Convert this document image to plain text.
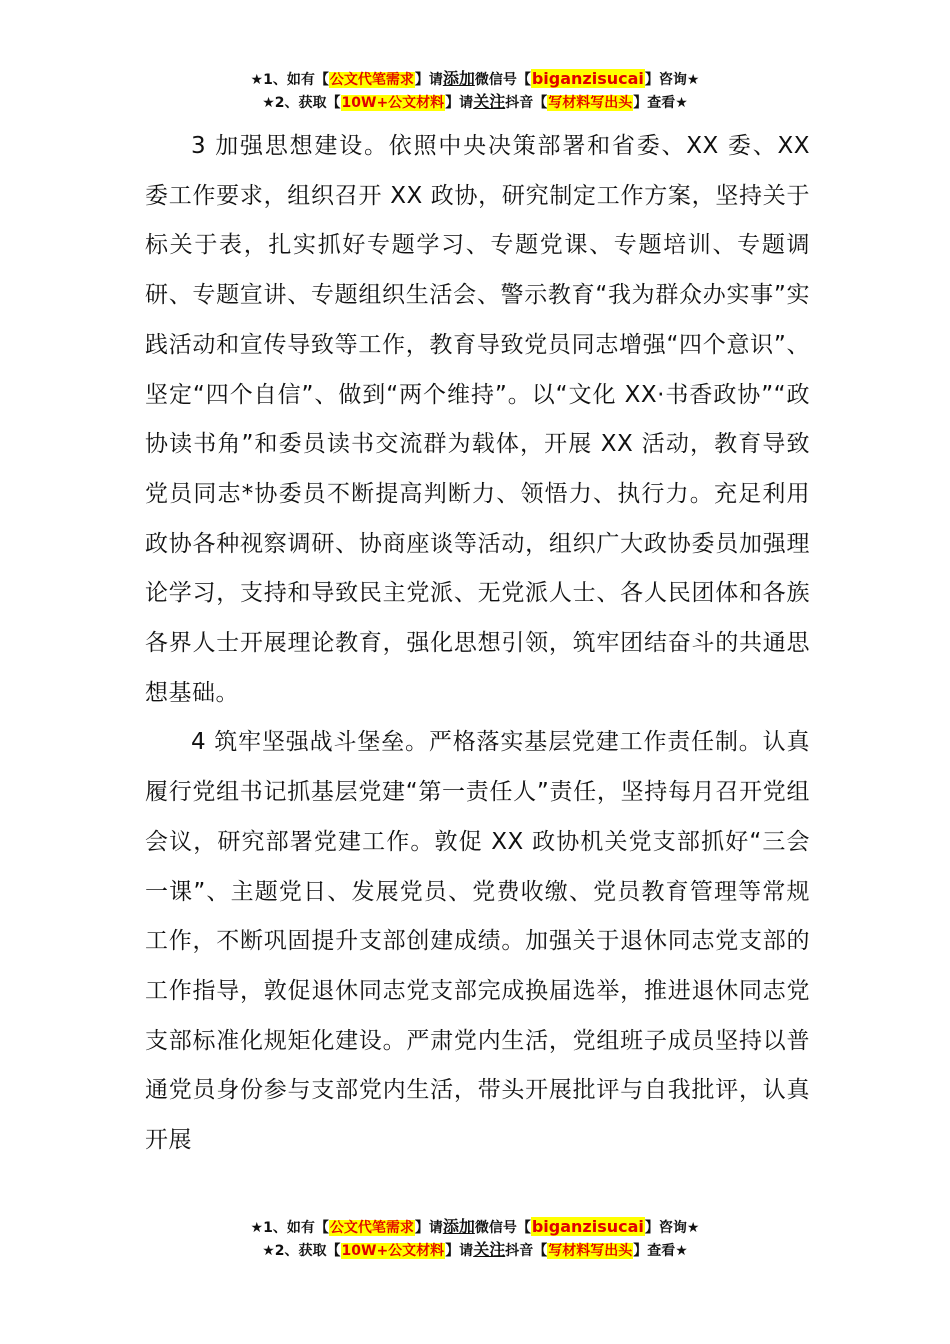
★1、如有【公文代笔需求】请添加微信号【biganzisucai】咨询★
★2、获取【10W+公文材料】请关注抖音【写材料写出头】查看★

3 加强思想建设。依照中央决策部署和省委、XX 委、XX 委工作要求，组织召开 XX 政协，研究制定工作方案，坚持关于标关于表，扎实抓好专题学习、专题党课、专题培训、专题调研、专题宣讲、专题组织生活会、警示教育“我为群众办实事”实践活动和宣传导致等工作，教育导致党员同志增强“四个意识”、坚定“四个自信”、做到“两个维持”。以“文化 XX·书香政协”“政协读书角”和委员读书交流群为载体，开展 XX 活动，教育导致党员同志*协委员不断提高判断力、领悟力、执行力。充足利用政协各种视察调研、协商座谈等活动，组织广大政协委员加强理论学习，支持和导致民主党派、无党派人士、各人民团体和各族各界人士开展理论教育，强化思想引领，筑牢团结奋斗的共通思想基础。

4 筑牢坚强战斗堡垒。严格落实基层党建工作责任制。认真履行党组书记抓基层党建“第一责任人”责任，坚持每月召开党组会议，研究部署党建工作。敦促 XX 政协机关党支部抓好“三会一课”、主题党日、发展党员、党费收缴、党员教育管理等常规工作，不断巩固提升支部创建成绩。加强关于退休同志党支部的工作指导，敦促退休同志党支部完成换届选举，推进退休同志党支部标准化规矩化建设。严肃党内生活，党组班子成员坚持以普通党员身份参与支部党内生活，带头开展批评与自我批评，认真开展

★1、如有【公文代笔需求】请添加微信号【biganzisucai】咨询★
★2、获取【10W+公文材料】请关注抖音【写材料写出头】查看★
